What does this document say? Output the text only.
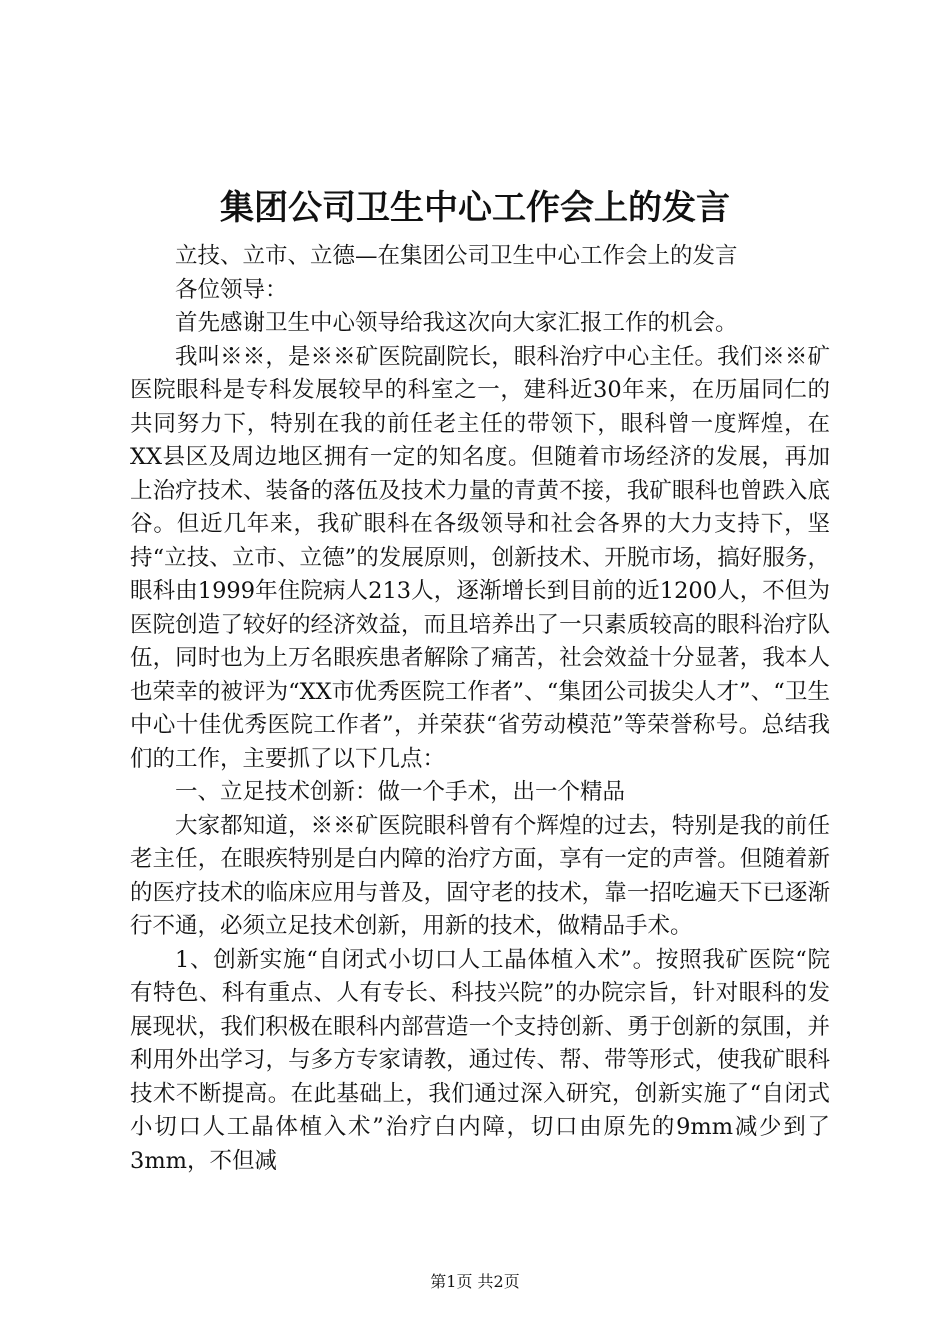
集团公司卫生中心工作会上的发言

立技、立市、立德—在集团公司卫生中心工作会上的发言

各位领导：

首先感谢卫生中心领导给我这次向大家汇报工作的机会。

我叫※※，是※※矿医院副院长，眼科治疗中心主任。我们※※矿医院眼科是专科发展较早的科室之一，建科近30年来，在历届同仁的共同努力下，特别在我的前任老主任的带领下，眼科曾一度辉煌，在XX县区及周边地区拥有一定的知名度。但随着市场经济的发展，再加上治疗技术、装备的落伍及技术力量的青黄不接，我矿眼科也曾跌入底谷。但近几年来，我矿眼科在各级领导和社会各界的大力支持下，坚持“立技、立市、立德”的发展原则，创新技术、开脱市场，搞好服务，眼科由1999年住院病人213人，逐渐增长到目前的近1200人，不但为医院创造了较好的经济效益，而且培养出了一只素质较高的眼科治疗队伍，同时也为上万名眼疾患者解除了痛苦，社会效益十分显著，我本人也荣幸的被评为“XX市优秀医院工作者”、“集团公司拔尖人才”、“卫生中心十佳优秀医院工作者”，并荣获“省劳动模范”等荣誉称号。总结我们的工作，主要抓了以下几点：

一、立足技术创新：做一个手术，出一个精品

大家都知道，※※矿医院眼科曾有个辉煌的过去，特别是我的前任老主任，在眼疾特别是白内障的治疗方面，享有一定的声誉。但随着新的医疗技术的临床应用与普及，固守老的技术，靠一招吃遍天下已逐渐行不通，必须立足技术创新，用新的技术，做精品手术。

1、创新实施“自闭式小切口人工晶体植入术”。按照我矿医院“院有特色、科有重点、人有专长、科技兴院”的办院宗旨，针对眼科的发展现状，我们积极在眼科内部营造一个支持创新、勇于创新的氛围，并利用外出学习，与多方专家请教，通过传、帮、带等形式，使我矿眼科技术不断提高。在此基础上，我们通过深入研究，创新实施了“自闭式小切口人工晶体植入术”治疗白内障，切口由原先的9mm减少到了3mm，不但减

第1页 共2页
